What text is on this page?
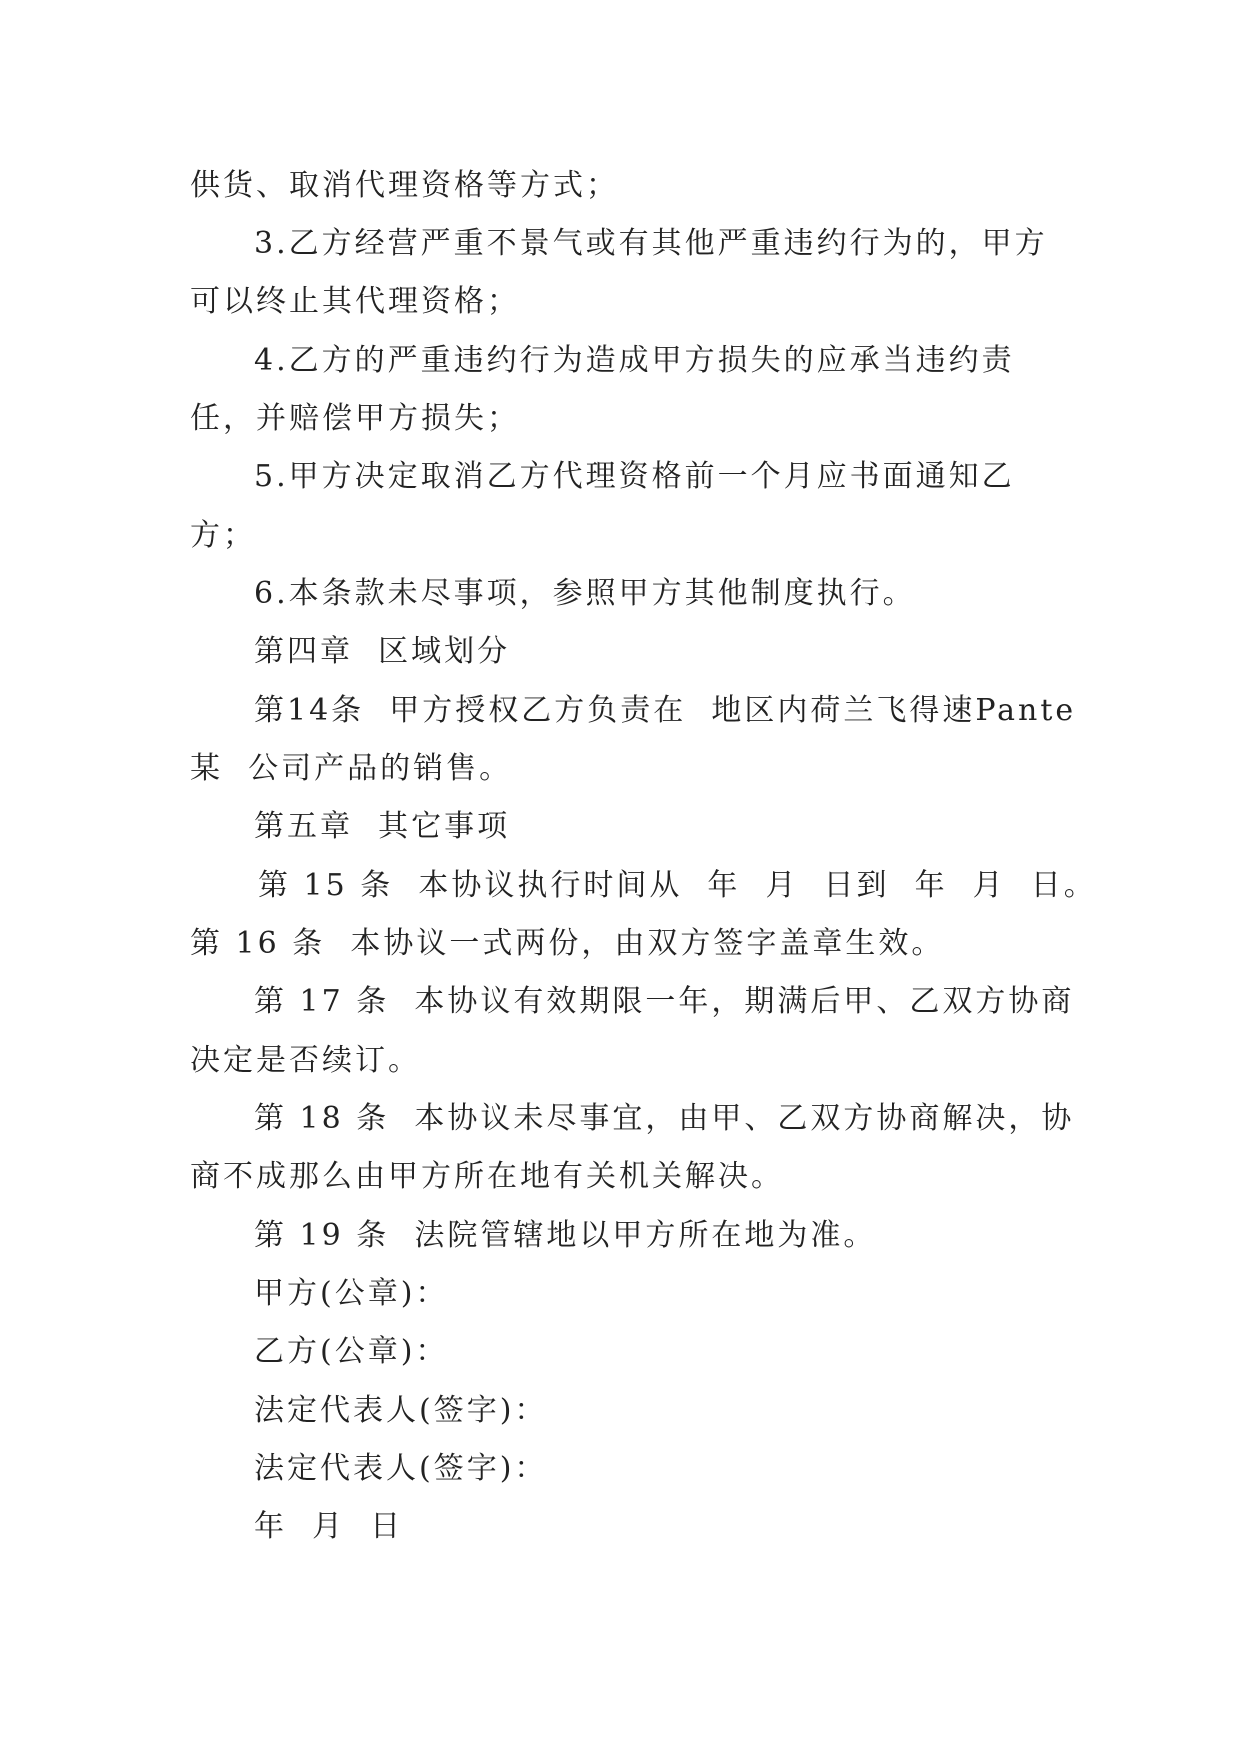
供货、取消代理资格等方式；
3.乙方经营严重不景气或有其他严重违约行为的，甲方
可以终止其代理资格；
4.乙方的严重违约行为造成甲方损失的应承当违约责
任，并赔偿甲方损失；
5.甲方决定取消乙方代理资格前一个月应书面通知乙
方；
6.本条款未尽事项，参照甲方其他制度执行。
第四章  区域划分
第14条  甲方授权乙方负责在  地区内荷兰飞得速Pante
某  公司产品的销售。
第五章  其它事项
第 15 条  本协议执行时间从  年  月  日到  年  月  日。
第 16 条  本协议一式两份，由双方签字盖章生效。
第 17 条  本协议有效期限一年，期满后甲、乙双方协商
决定是否续订。
第 18 条  本协议未尽事宜，由甲、乙双方协商解决，协
商不成那么由甲方所在地有关机关解决。
第 19 条  法院管辖地以甲方所在地为准。
甲方(公章)：
乙方(公章)：
法定代表人(签字)：
法定代表人(签字)：
年  月  日
